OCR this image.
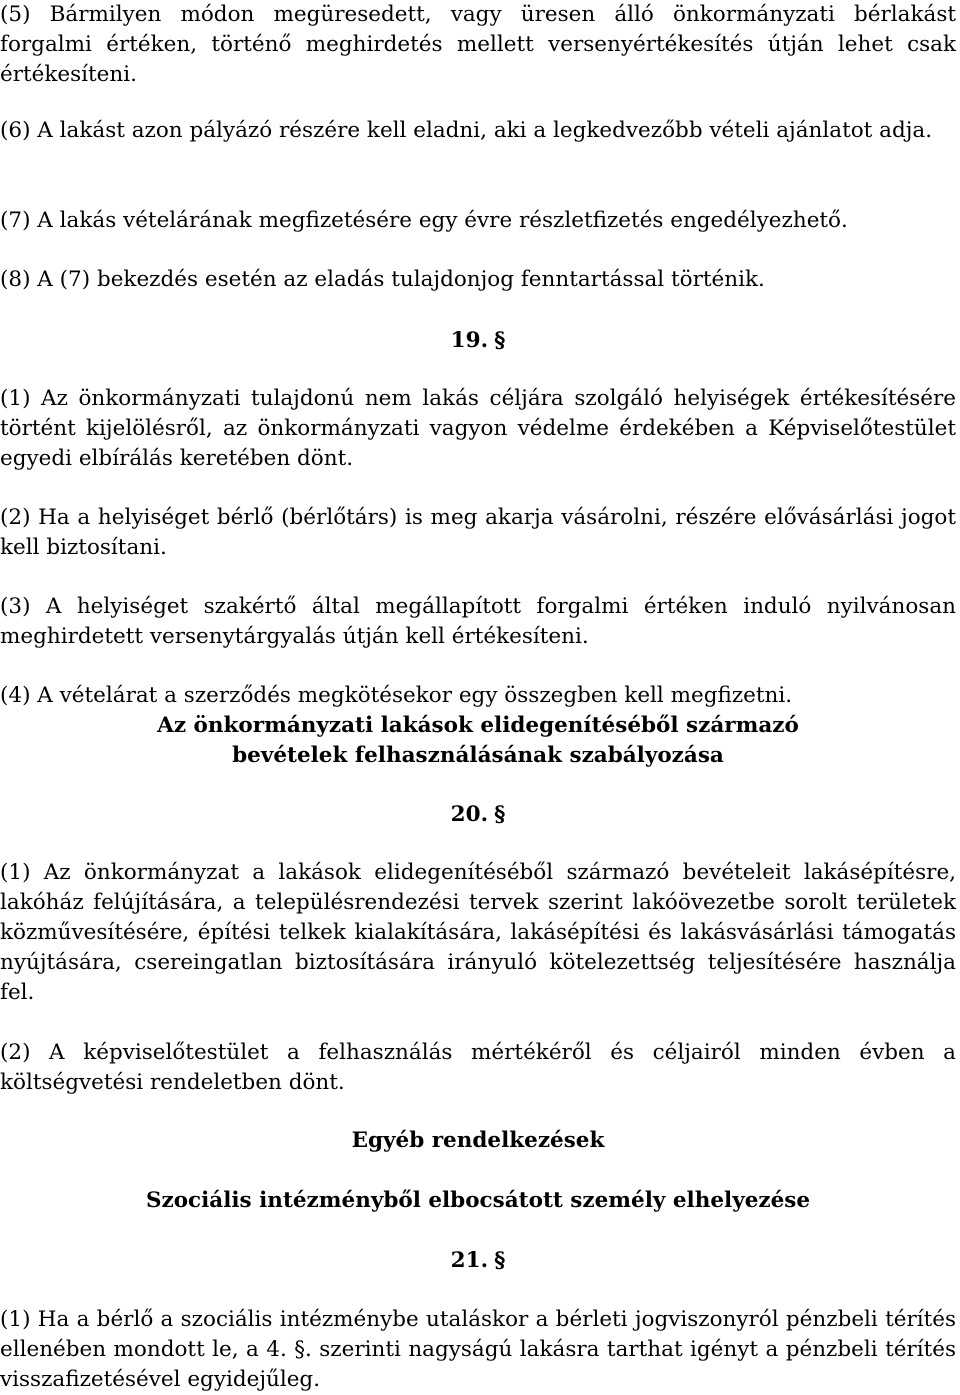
(5) Bármilyen módon megüresedett, vagy üresen álló önkormányzati bérlakást forgalmi értéken, történő meghirdetés mellett versenyértékesítés útján lehet csak értékesíteni.

(6) A lakást azon pályázó részére kell eladni, aki a legkedvezőbb vételi ajánlatot adja.

(7) A lakás vételárának megfizetésére egy évre részletfizetés engedélyezhető.

(8) A (7) bekezdés esetén az eladás tulajdonjog fenntartással történik.

19. §

(1) Az önkormányzati tulajdonú nem lakás céljára szolgáló helyiségek értékesítésére történt kijelölésről, az önkormányzati vagyon védelme érdekében a Képviselőtestület egyedi elbírálás keretében dönt.

(2) Ha a helyiséget bérlő (bérlőtárs) is meg akarja vásárolni, részére elővásárlási jogot kell biztosítani.

(3) A helyiséget szakértő által megállapított forgalmi értéken induló nyilvánosan meghirdetett versenytárgyalás útján kell értékesíteni.

(4) A vételárat a szerződés megkötésekor egy összegben kell megfizetni.

Az önkormányzati lakások elidegenítéséből származó
bevételek felhasználásának szabályozása
20. §

(1) Az önkormányzat a lakások elidegenítéséből származó bevételeit lakásépítésre, lakóház felújítására, a településrendezési tervek szerint lakóövezetbe sorolt területek közművesítésére, építési telkek kialakítására, lakásépítési és lakásvásárlási támogatás nyújtására, csereingatlan biztosítására irányuló kötelezettség teljesítésére használja fel.

(2) A képviselőtestület a felhasználás mértékéről és céljairól minden évben a költségvetési rendeletben dönt.

Egyéb rendelkezések
Szociális intézményből elbocsátott személy elhelyezése
21. §

(1) Ha a bérlő a szociális intézménybe utaláskor a bérleti jogviszonyról pénzbeli térítés ellenében mondott le, a 4. §. szerinti nagyságú lakásra tarthat igényt a pénzbeli térítés visszafizetésével egyidejűleg.
